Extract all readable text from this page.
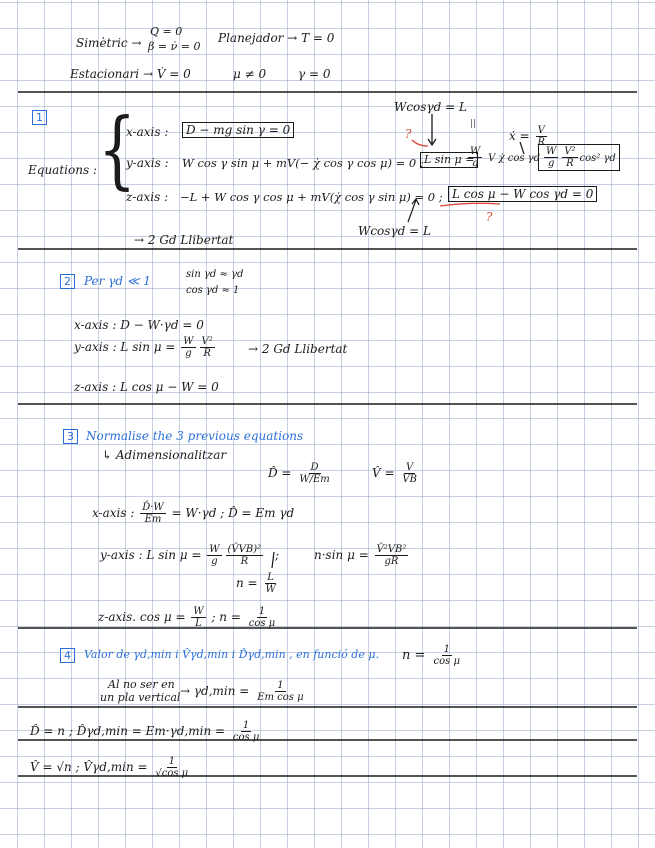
Simètric →
Q = 0
β = ν̇ = 0
Planejador → T = 0
Estacionari → V̇ = 0	μ ≠ 0	γ = 0
1
Wcosγd = L
?	ẋ = $\frac{V}{R}$
Equations : {
x-axis :	D − mg sin γ = 0
y-axis : W cos γ sin μ + mV(− χ̇ cos γ cos μ) = 0 ; L sin μ =
$\frac{W}{g}$ V χ̇ cos γd $\frac{W}{g} \frac{\text{V²}}{R} \cos^2$ γd
z-axis : −L + W cos γ cos μ + mV(χ̇ cos γ sin μ) = 0 ; L cos μ − W cos γd = 0
?
Wcosγd = L
→ 2 Gd Llibertat
2	Per γd ≪ 1	sin γd ≈ γd
cos γd ≈ 1
x-axis : D − W·γd = 0
y-axis : L $\sin \mu = \frac{W}{g} \frac{\text{V²}}{R}$	→ 2 Gd Llibertat
z-axis : L cos μ − W = 0
3	Normalise the 3 previous equations
↳ Adimensionalitzar
D̂ = $\frac{D}{W/Em}$	V̂ = $\frac{V}{VB}$
x-axis : $\frac{D̂\cdot W}{Em} = W\cdot\gamma d$ ; D̂ = Em γd
y-axis : L $\sin \mu = \frac{W}{g} \frac{\text{(V̂VB)²}}{R}$ ;	n·sin $\mu = \frac{\text{V̂²VB²}}{gR}$
$n = \frac{L}{W}$
z-axis. $\cos \mu = \frac{W}{L}$ ; $n = \frac{1}{\text{cos μ}}$
4	Valor de γd,min i V̂γd,min i D̂γd,min , en funció de μ. $n = \frac{1}{\text{cos μ}}$
Al no ser en
un pla vertical → $\gamma d,\min = \frac{1}{\text{Em cos μ}}$
D̂ = n ; D̂γd,min = $Em\cdot\gamma d,\min = \frac{1}{\text{cos μ}}$
V̂ = √n ; V̂γd,min = $\frac{1}{\text{√cos μ}}$
||
